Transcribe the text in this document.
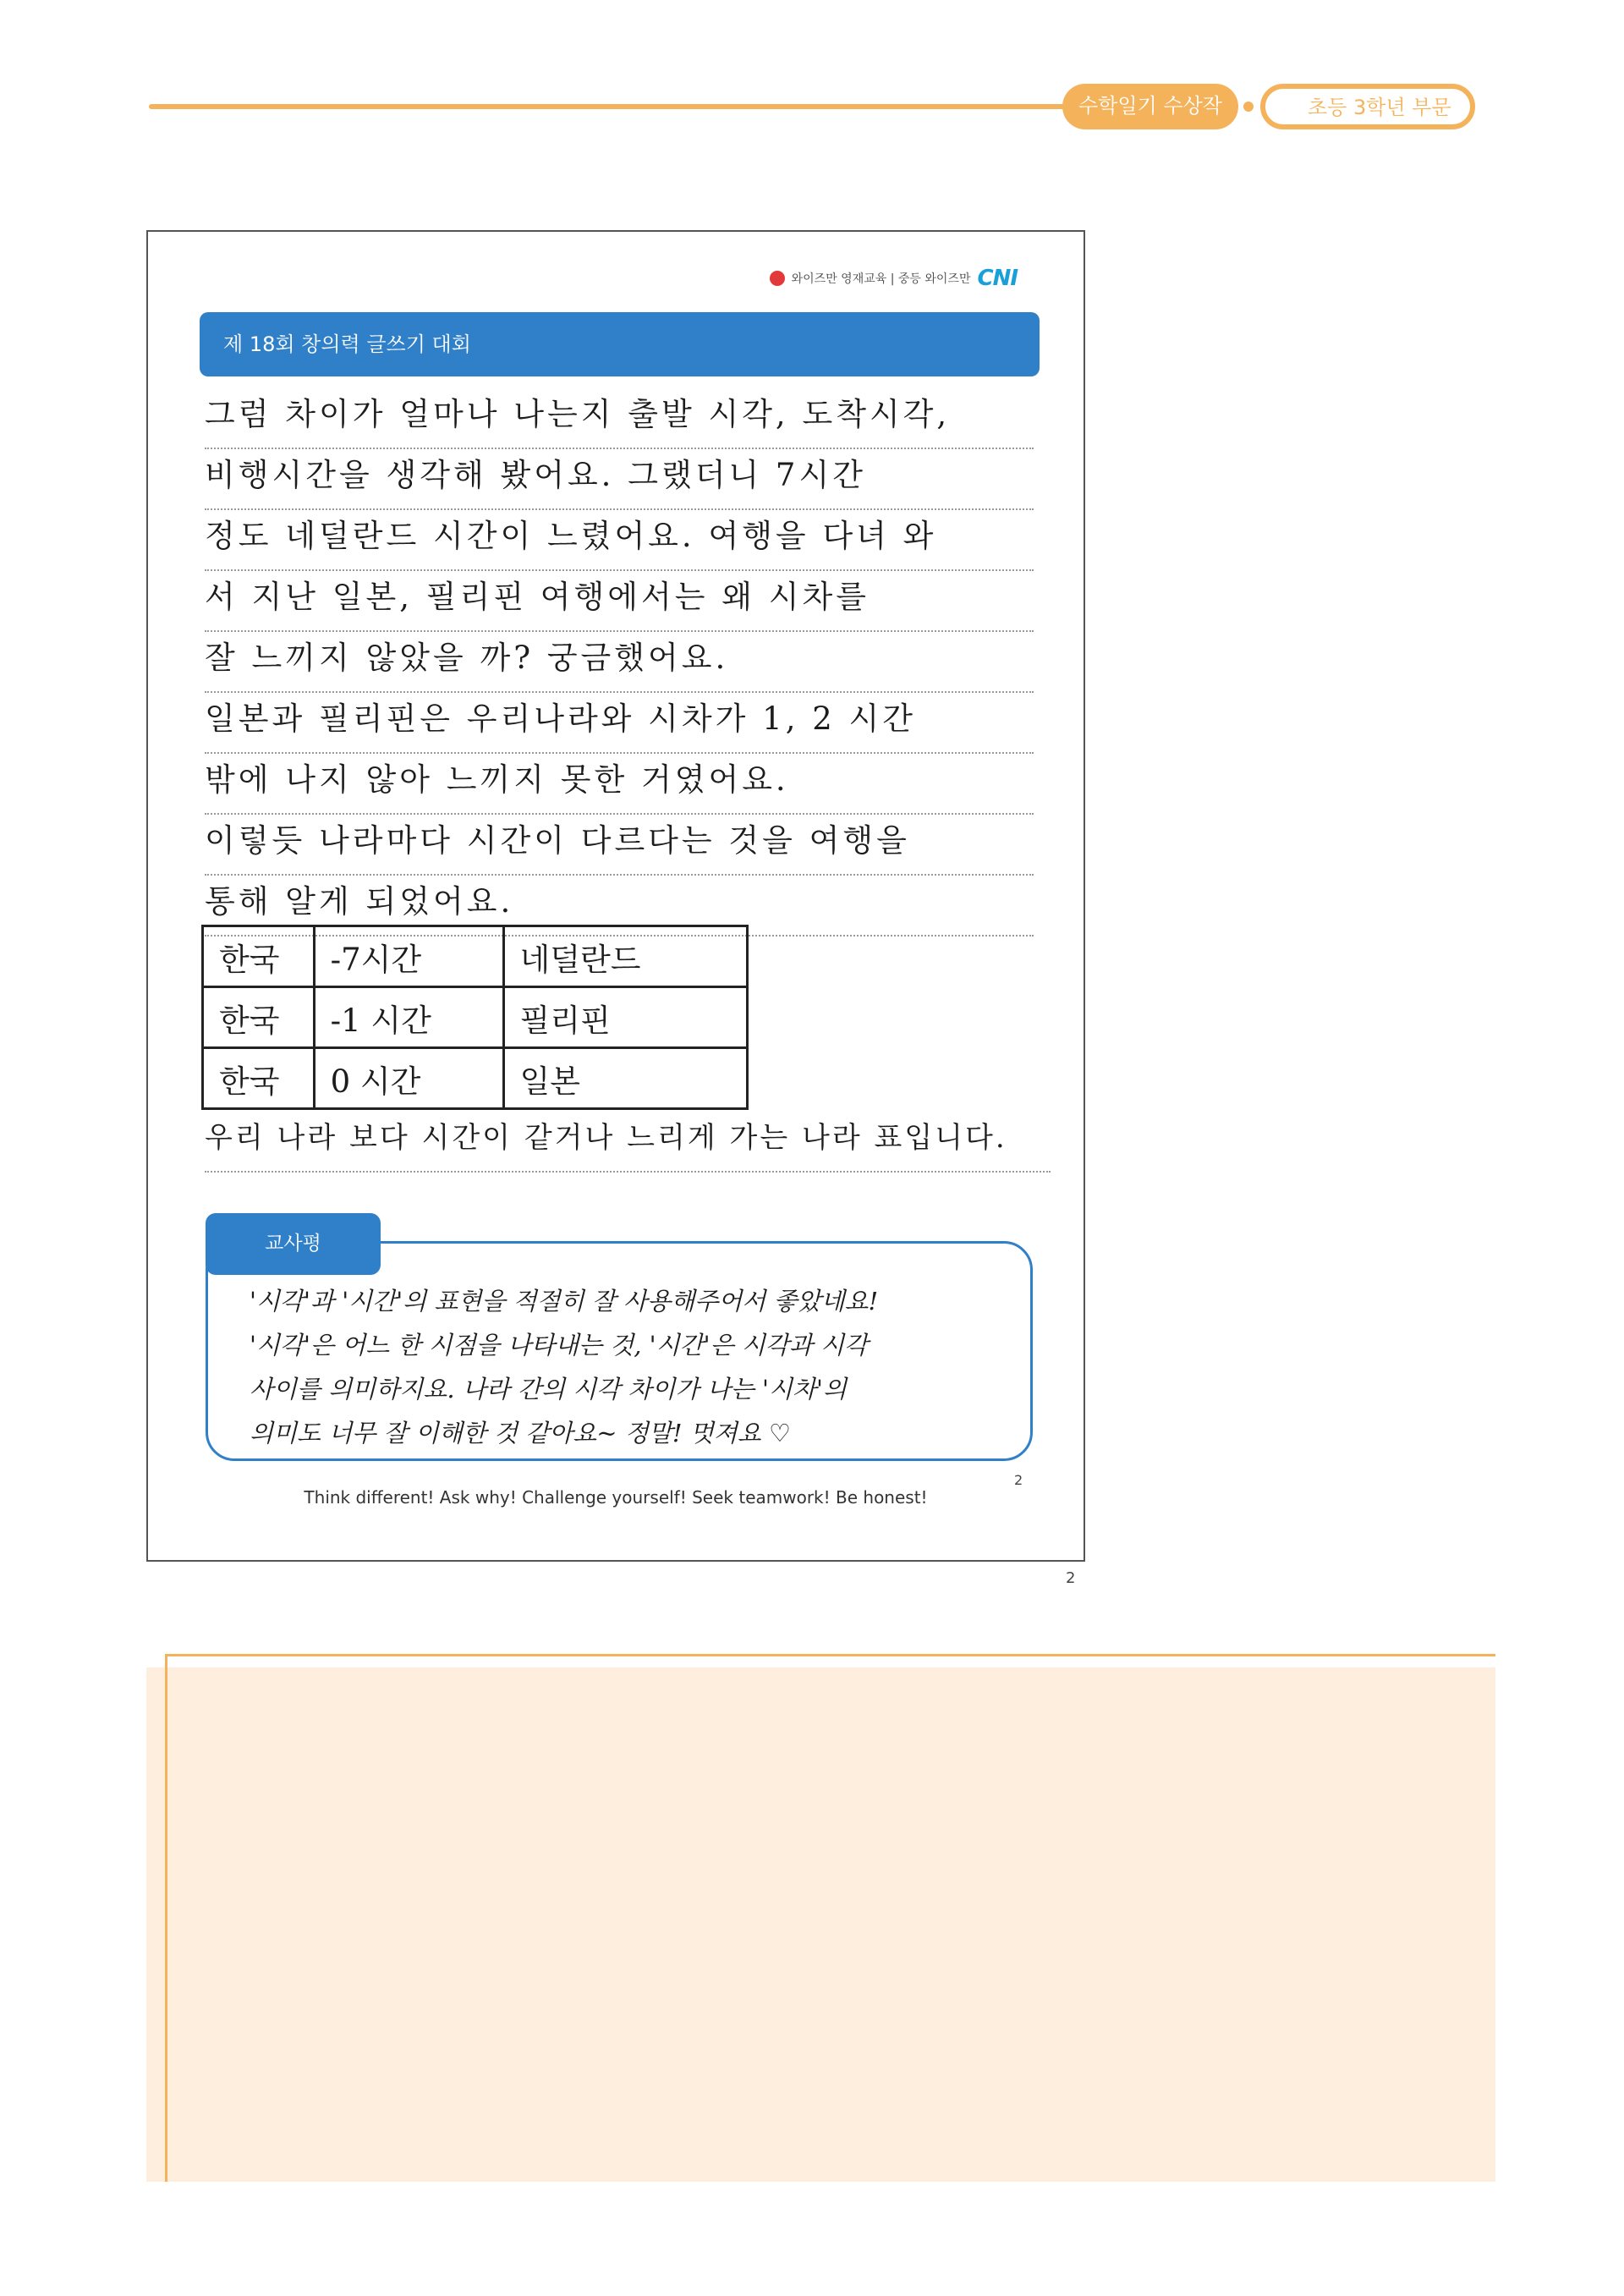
수학일기 수상작	초등 3학년 부문
와이즈만 영재교육 | 중등 와이즈만 CNI
제 18회 창의력 글쓰기 대회
그럼 차이가 얼마나 나는지 출발 시각, 도착시각,
비행시간을 생각해 봤어요. 그랬더니 7시간
정도 네덜란드 시간이 느렸어요. 여행을 다녀 와
서 지난 일본, 필리핀 여행에서는 왜 시차를
잘 느끼지 않았을 까? 궁금했어요.
일본과 필리핀은 우리나라와 시차가 1, 2 시간
밖에 나지 않아 느끼지 못한 거였어요.
이렇듯 나라마다 시간이 다르다는 것을 여행을
통해 알게 되었어요.
한국	-7시간	네덜란드
한국	-1 시간	필리핀
한국	0 시간	일본
우리 나라 보다 시간이 같거나 느리게 가는 나라 표입니다.
교사평
'시각'과 '시간'의 표현을 적절히 잘 사용해주어서 좋았네요!
'시각'은 어느 한 시점을 나타내는 것, '시간'은 시각과 시각
사이를 의미하지요. 나라 간의 시각 차이가 나는 '시차'의
의미도 너무 잘 이해한 것 같아요~ 정말! 멋져요 ♡
2
Think different! Ask why! Challenge yourself! Seek teamwork! Be honest!
2
